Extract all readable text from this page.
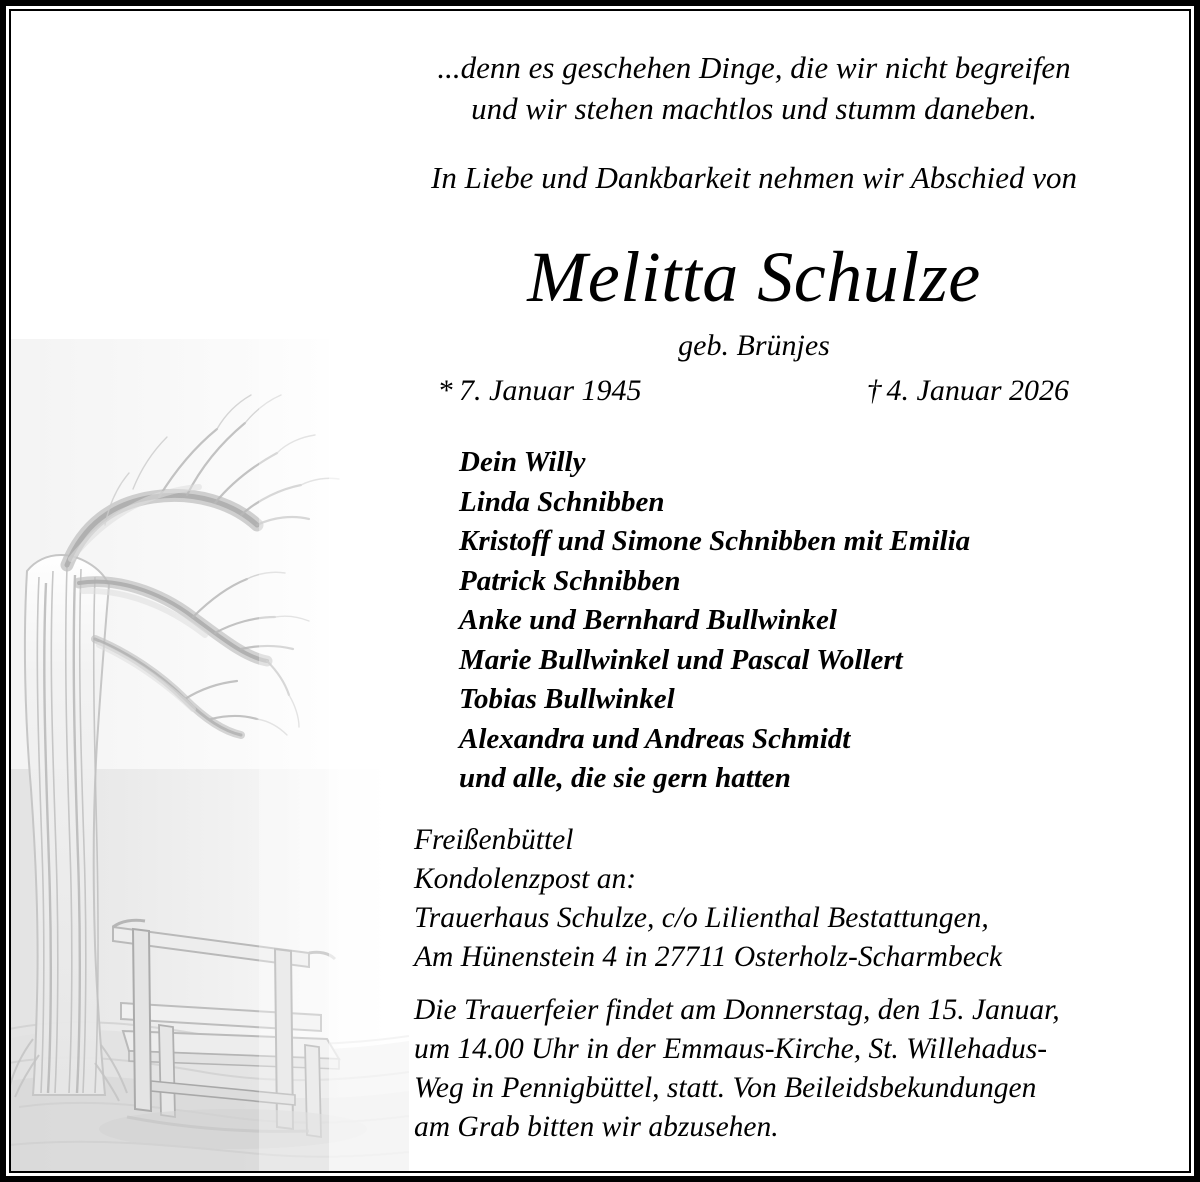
...denn es geschehen Dinge, die wir nicht begreifen
und wir stehen machtlos und stumm daneben.
In Liebe und Dankbarkeit nehmen wir Abschied von
Melitta Schulze
geb. Brünjes
* 7. Januar 1945	† 4. Januar 2026
Dein Willy
Linda Schnibben
Kristoff und Simone Schnibben mit Emilia
Patrick Schnibben
Anke und Bernhard Bullwinkel
Marie Bullwinkel und Pascal Wollert
Tobias Bullwinkel
Alexandra und Andreas Schmidt
und alle, die sie gern hatten
Freißenbüttel
Kondolenzpost an:
Trauerhaus Schulze, c/o Lilienthal Bestattungen,
Am Hünenstein 4 in 27711 Osterholz-Scharmbeck
Die Trauerfeier findet am Donnerstag, den 15. Januar,
um 14.00 Uhr in der Emmaus-Kirche, St. Willehadus-
Weg in Pennigbüttel, statt. Von Beileidsbekundungen
am Grab bitten wir abzusehen.
